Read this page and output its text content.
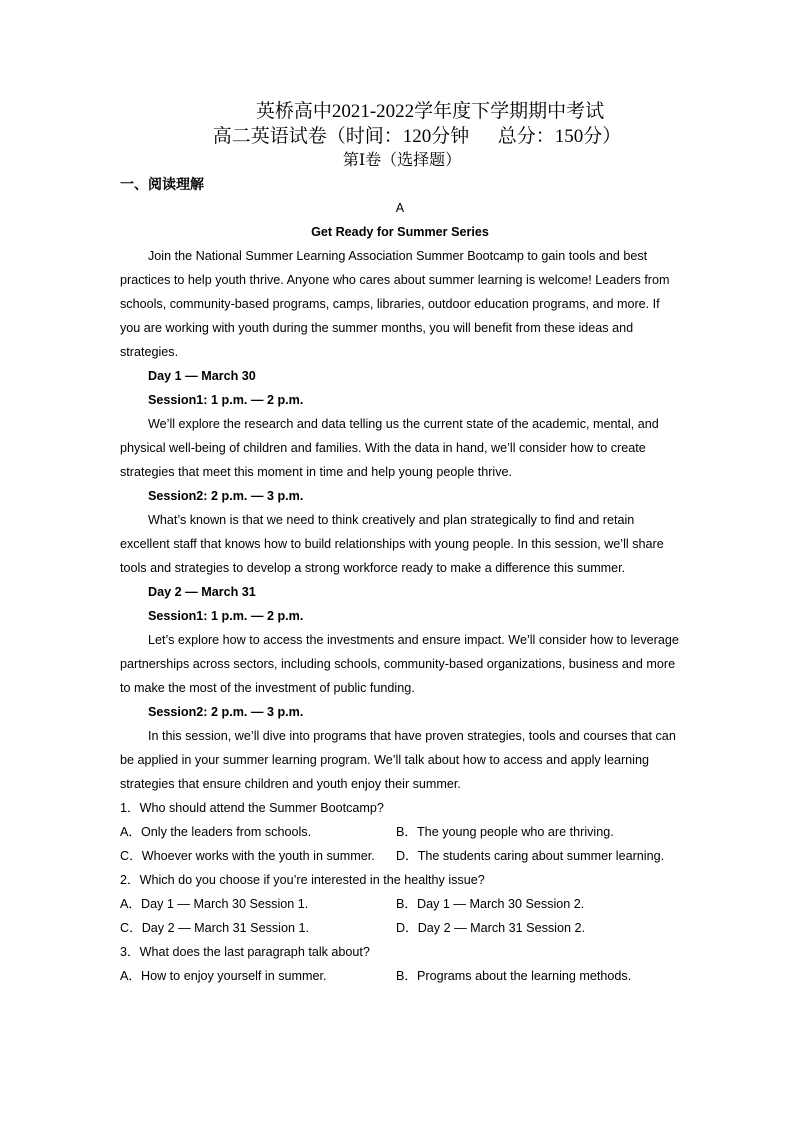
英桥高中2021-2022学年度下学期期中考试
高二英语试卷（时间：120分钟　  总分：150分）
第Ⅰ卷（选择题）
一、阅读理解

A

Get Ready for Summer Series

Join the National Summer Learning Association Summer Bootcamp to gain tools and best practices to help youth thrive. Anyone who cares about summer learning is welcome! Leaders from schools, community-based programs, camps, libraries, outdoor education programs, and more. If you are working with youth during the summer months, you will benefit from these ideas and strategies.

Day 1 — March 30

Session1: 1 p.m. — 2 p.m.

We’ll explore the research and data telling us the current state of the academic, mental, and physical well-being of children and families. With the data in hand, we’ll consider how to create strategies that meet this moment in time and help young people thrive.

Session2: 2 p.m. — 3 p.m.

What’s known is that we need to think creatively and plan strategically to find and retain excellent staff that knows how to build relationships with young people. In this session, we’ll share tools and strategies to develop a strong workforce ready to make a difference this summer.

Day 2 — March 31

Session1: 1 p.m. — 2 p.m.

Let’s explore how to access the investments and ensure impact. We’ll consider how to leverage partnerships across sectors, including schools, community-based organizations, business and more to make the most of the investment of public funding.

Session2: 2 p.m. — 3 p.m.

In this session, we’ll dive into programs that have proven strategies, tools and courses that can be applied in your summer learning program. We’ll talk about how to access and apply learning strategies that ensure children and youth enjoy their summer.

1．Who should attend the Summer Bootcamp?

A．Only the leaders from schools.	B．The young people who are thriving.
C．Whoever works with the youth in summer.	D．The students caring about summer learning.

2．Which do you choose if you’re interested in the healthy issue?

A．Day 1 — March 30 Session 1.	B．Day 1 — March 30 Session 2.
C．Day 2 — March 31 Session 1.	D．Day 2 — March 31 Session 2.

3．What does the last paragraph talk about?

A．How to enjoy yourself in summer.	B．Programs about the learning methods.
